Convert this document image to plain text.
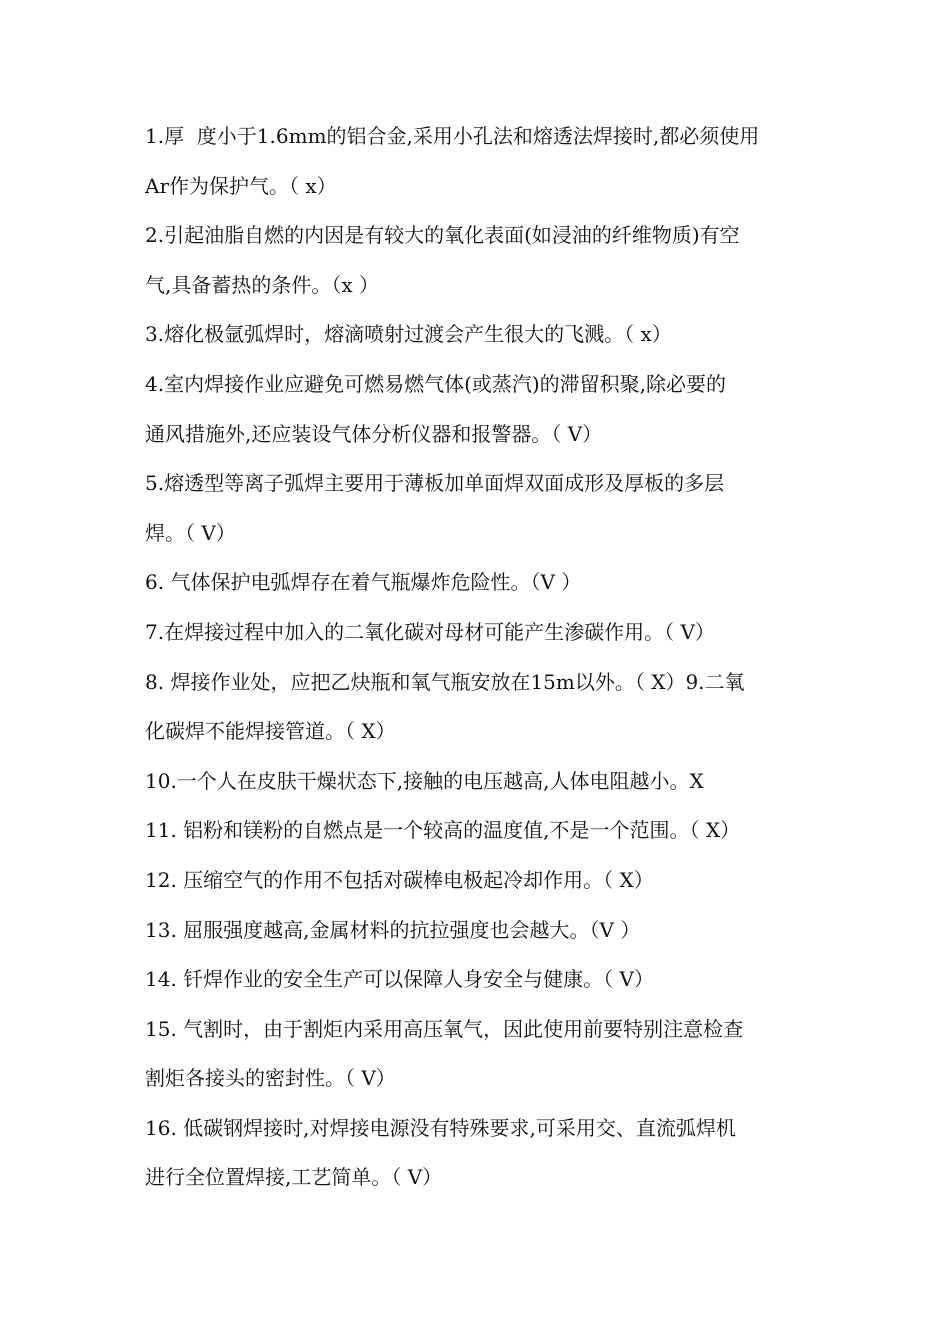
1.厚  度小于1.6mm的铝合金,采用小孔法和熔透法焊接时,都必须使用
Ar作为保护气。（ x）
2.引起油脂自燃的内因是有较大的氧化表面(如浸油的纤维物质)有空
气,具备蓄热的条件。（x ）
3.熔化极氩弧焊时，熔滴喷射过渡会产生很大的飞溅。（ x）
4.室内焊接作业应避免可燃易燃气体(或蒸汽)的滞留积聚,除必要的
通风措施外,还应装设气体分析仪器和报警器。（ V）
5.熔透型等离子弧焊主要用于薄板加单面焊双面成形及厚板的多层
焊。（ V）
6. 气体保护电弧焊存在着气瓶爆炸危险性。（V ）
7.在焊接过程中加入的二氧化碳对母材可能产生渗碳作用。（ V）
8. 焊接作业处，应把乙炔瓶和氧气瓶安放在15m以外。（ X）9.二氧
化碳焊不能焊接管道。（ X）
10.一个人在皮肤干燥状态下,接触的电压越高,人体电阻越小。X
11. 铝粉和镁粉的自燃点是一个较高的温度值,不是一个范围。（ X）
12. 压缩空气的作用不包括对碳棒电极起冷却作用。（ X）
13. 屈服强度越高,金属材料的抗拉强度也会越大。（V ）
14. 钎焊作业的安全生产可以保障人身安全与健康。（ V）
15. 气割时，由于割炬内采用高压氧气，因此使用前要特别注意检查
割炬各接头的密封性。（ V）
16. 低碳钢焊接时,对焊接电源没有特殊要求,可采用交、直流弧焊机
进行全位置焊接,工艺简单。（ V）
